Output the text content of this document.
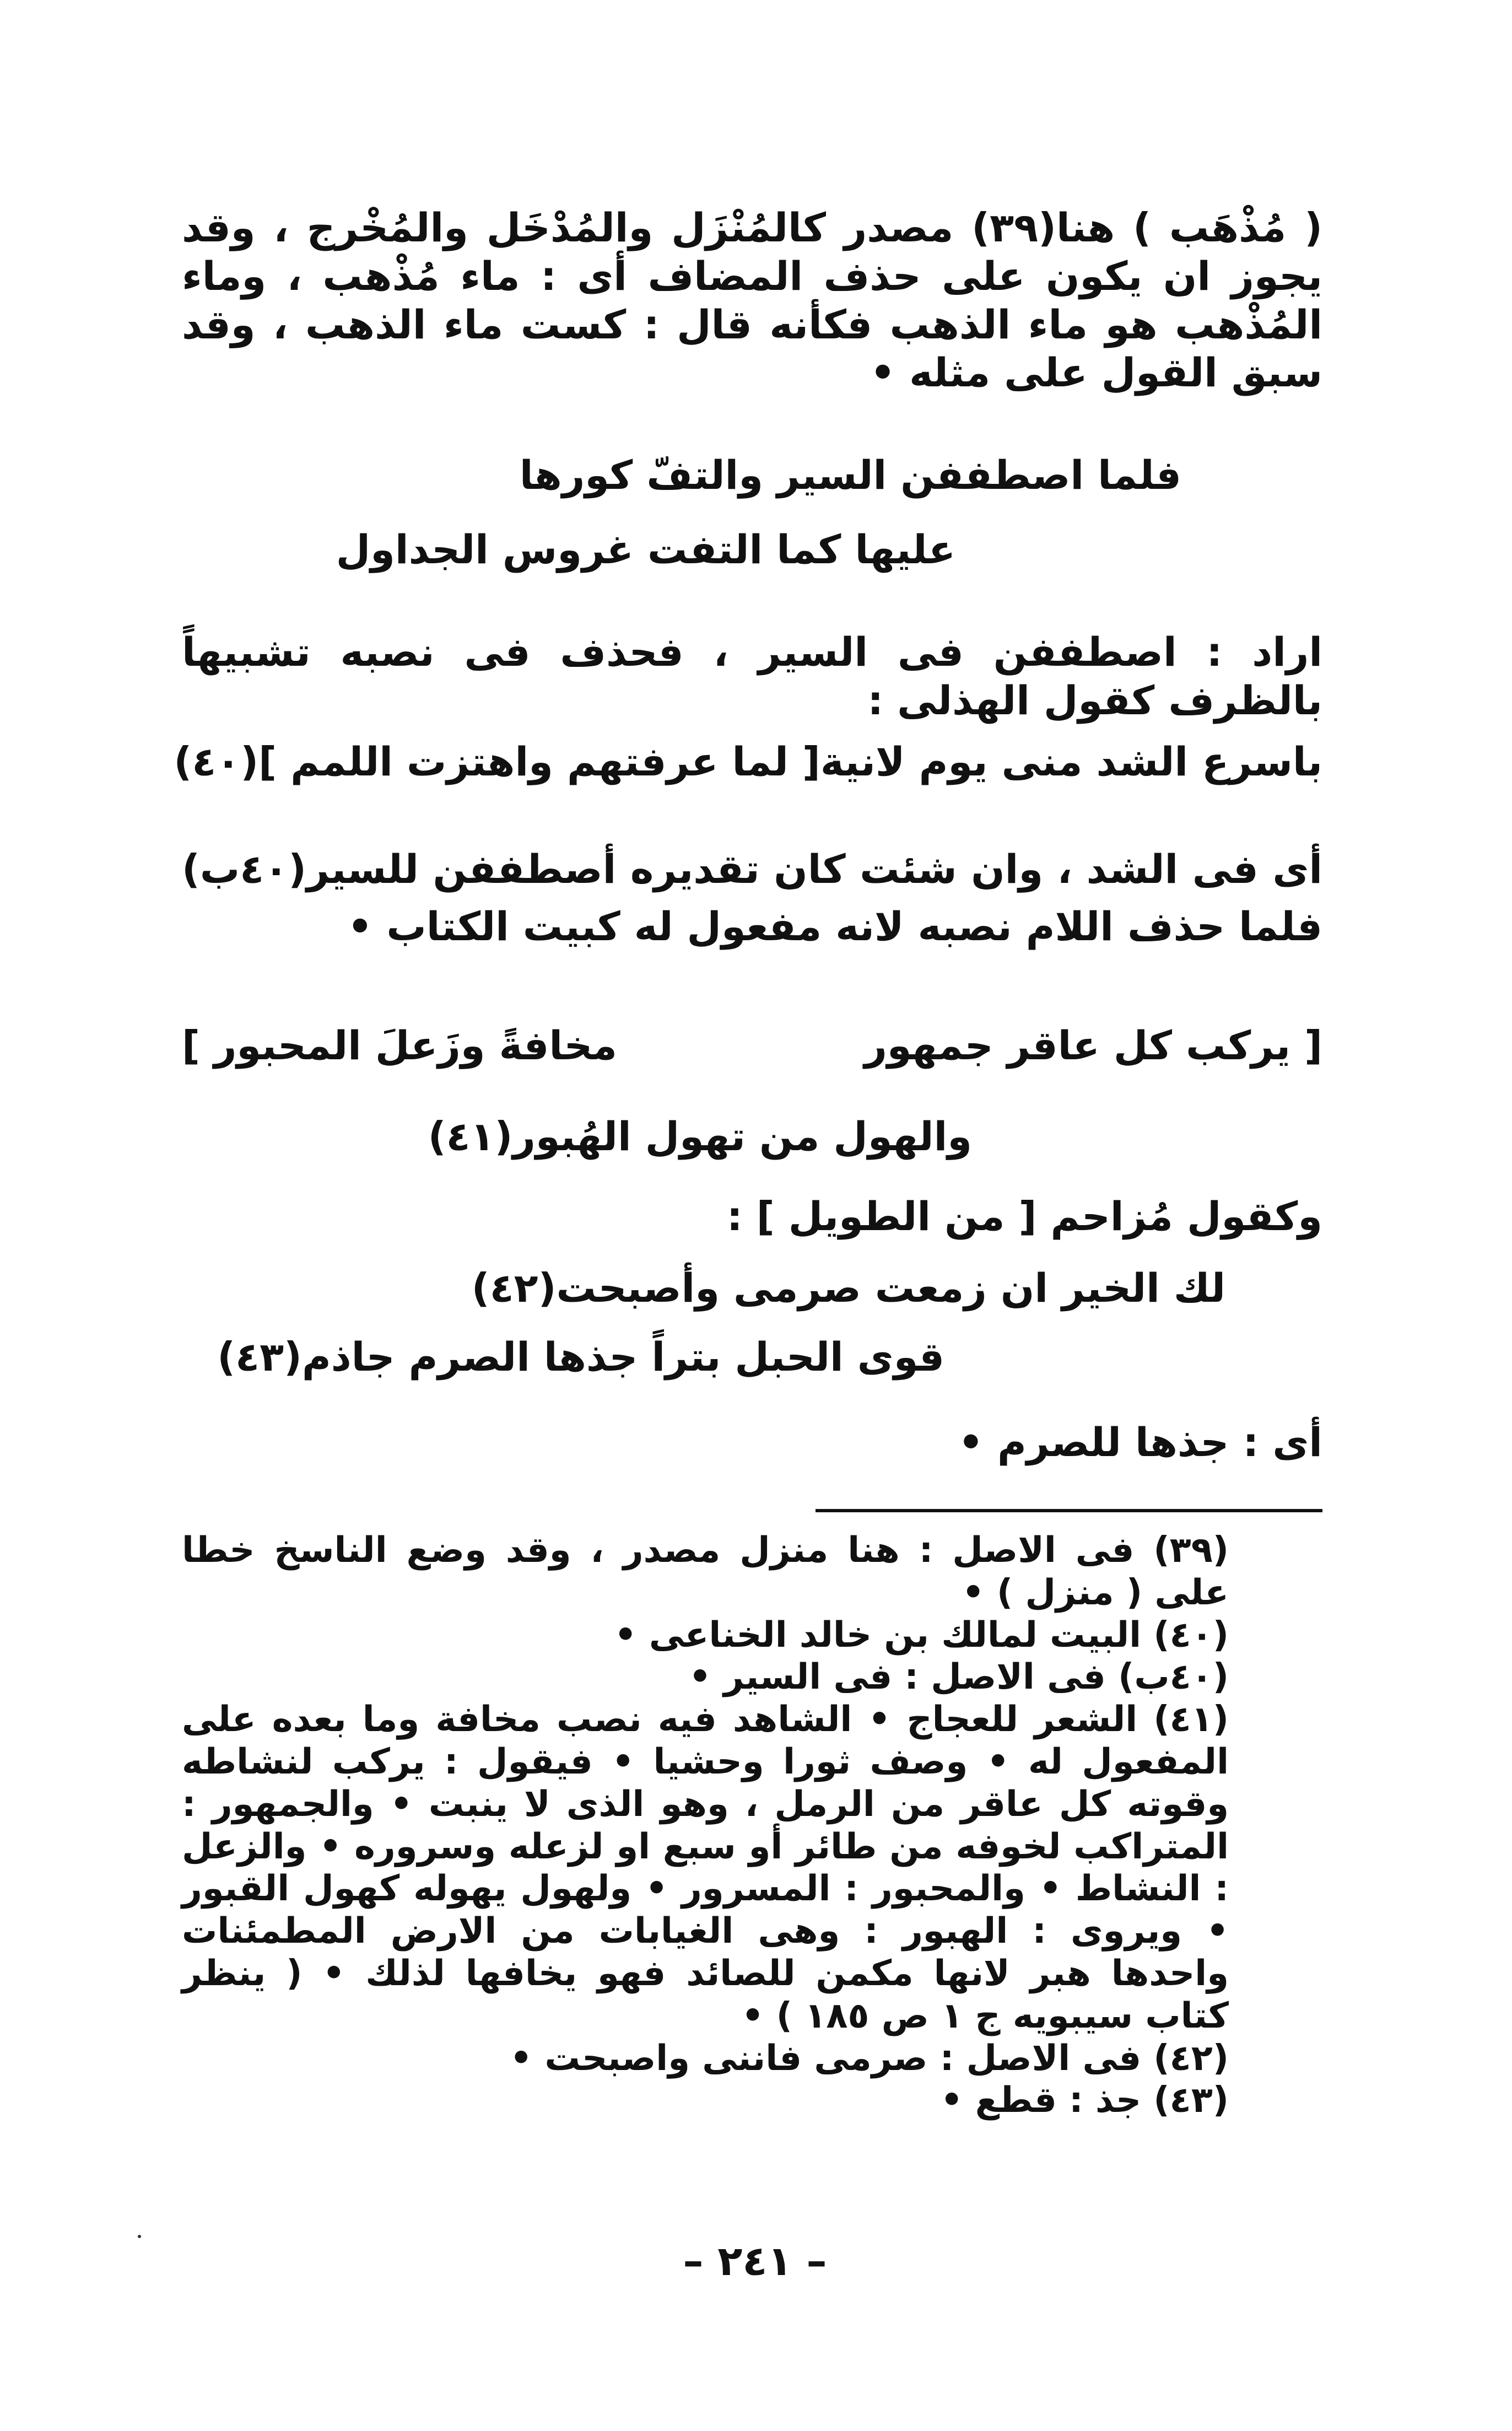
( مُذْهَب ) هنا(٣٩) مصدر كالمُنْزَل والمُدْخَل والمُخْرج ، وقد يجوز ان يكون على حذف المضاف أى : ماء مُذْهب ، وماء المُذْهب هو ماء الذهب فكأنه قال : كست ماء الذهب ، وقد سبق القول على مثله •
فلما اصطففن السير والتفّ كورها
عليها كما التفت غروس الجداول
اراد : اصطففن فى السير ، فحذف فى نصبه تشبيهاً بالظرف كقول الهذلى :
باسرع الشد منى يوم لانية
[ لما عرفتهم واهتزت اللمم ](٤٠)
أى فى الشد ، وان شئت كان تقديره أصطففن للسير(٤٠ب) فلما حذف اللام نصبه لانه مفعول له كبيت الكتاب •
[ يركب كل عاقر جمهور
مخافةً وزَعلَ المحبور ]
والهول من تهول الهُبور(٤١)
وكقول مُزاحم [ من الطويل ] :
لك الخير ان زمعت صرمى وأصبحت(٤٢)
قوى الحبل بتراً جذها الصرم جاذم(٤٣)
أى : جذها للصرم •
(٣٩) فى الاصل : هنا منزل مصدر ، وقد وضع الناسخ خطا على ( منزل ) •
(٤٠) البيت لمالك بن خالد الخناعى •
(٤٠ب) فى الاصل : فى السير •
(٤١) الشعر للعجاج • الشاهد فيه نصب مخافة وما بعده على المفعول له • وصف ثورا وحشيا • فيقول : يركب لنشاطه وقوته كل عاقر من الرمل ، وهو الذى لا ينبت • والجمهور : المتراكب لخوفه من طائر أو سبع او لزعله وسروره • والزعل : النشاط • والمحبور : المسرور • ولهول يهوله كهول القبور • ويروى : الهبور : وهى الغيابات من الارض المطمئنات واحدها هبر لانها مكمن للصائد فهو يخافها لذلك • ( ينظر كتاب سيبويه ج ١ ص ١٨٥ ) •
(٤٢) فى الاصل : صرمى فاننى واصبحت •
(٤٣) جذ : قطع •
– ٢٤١ –
